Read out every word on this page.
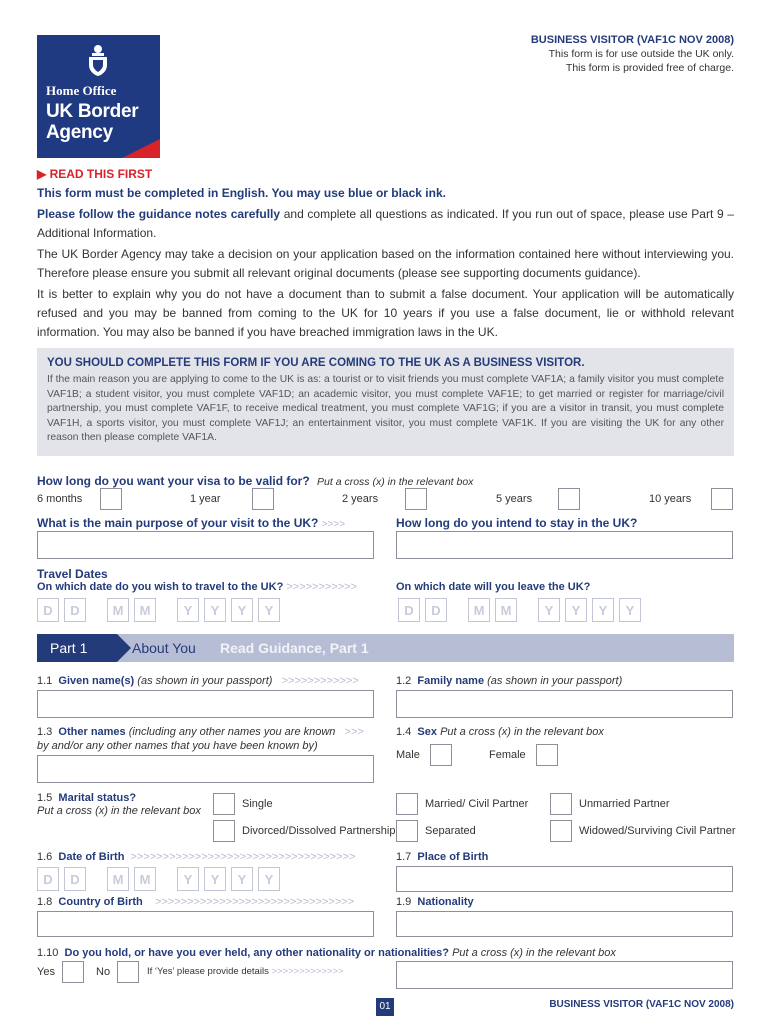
Home Office
UK Border
Agency
BUSINESS VISITOR (VAF1C NOV 2008)
This form is for use outside the UK only.
This form is provided free of charge.
▶ READ THIS FIRST
This form must be completed in English. You may use blue or black ink.

Please follow the guidance notes carefully and complete all questions as indicated. If you run out of space, please use Part 9 – Additional Information.

The UK Border Agency may take a decision on your application based on the information contained here without interviewing you. Therefore please ensure you submit all relevant original documents (please see supporting documents guidance).

It is better to explain why you do not have a document than to submit a false document. Your application will be automatically refused and you may be banned from coming to the UK for 10 years if you use a false document, lie or withhold relevant information. You may also be banned if you have breached immigration laws in the UK.

YOU SHOULD COMPLETE THIS FORM IF YOU ARE COMING TO THE UK AS A BUSINESS VISITOR.
If the main reason you are applying to come to the UK is as: a tourist or to visit friends you must complete VAF1A; a family visitor you must complete VAF1B; a student visitor, you must complete VAF1D; an academic visitor, you must complete VAF1E; to get married or register for marriage/civil partnership, you must complete VAF1F, to receive medical treatment, you must complete VAF1G; if you are a visitor in transit, you must complete VAF1H, a sports visitor, you must complete VAF1J; an entertainment visitor, you must complete VAF1K. If you are visiting the UK for any other reason then please complete VAF1A.
How long do you want your visa to be valid for? Put a cross (x) in the relevant box
6 months	1 year	2 years	5 years	10 years
What is the main purpose of your visit to the UK? >>>>	How long do you intend to stay in the UK?
Travel Dates
On which date do you wish to travel to the UK? >>>>>>>>>>>	On which date will you leave the UK?
D	D	M	M	Y	Y	Y	Y	D	D	M	M	Y	Y	Y	Y
Part 1	About You Read Guidance, Part 1
1.1 Given name(s) (as shown in your passport) >>>>>>>>>>>>	1.2 Family name (as shown in your passport)
1.3 Other names (including any other names you are known >>>
by and/or any other names that you have been known by)
1.4 Sex Put a cross (x) in the relevant box
Male	Female
1.5 Marital status?
Put a cross (x) in the relevant box
Single	Married/ Civil Partner	Unmarried Partner
Divorced/Dissolved Partnership	Separated	Widowed/Surviving Civil Partner
1.6 Date of Birth >>>>>>>>>>>>>>>>>>>>>>>>>>>>>>>>>>>	1.7 Place of Birth
D	D	M	M	Y	Y	Y	Y
1.8 Country of Birth >>>>>>>>>>>>>>>>>>>>>>>>>>>>>>>	1.9 Nationality
1.10 Do you hold, or have you ever held, any other nationality or nationalities? Put a cross (x) in the relevant box
Yes	No	If ‘Yes’ please provide details >>>>>>>>>>>>>
01	BUSINESS VISITOR (VAF1C NOV 2008)
